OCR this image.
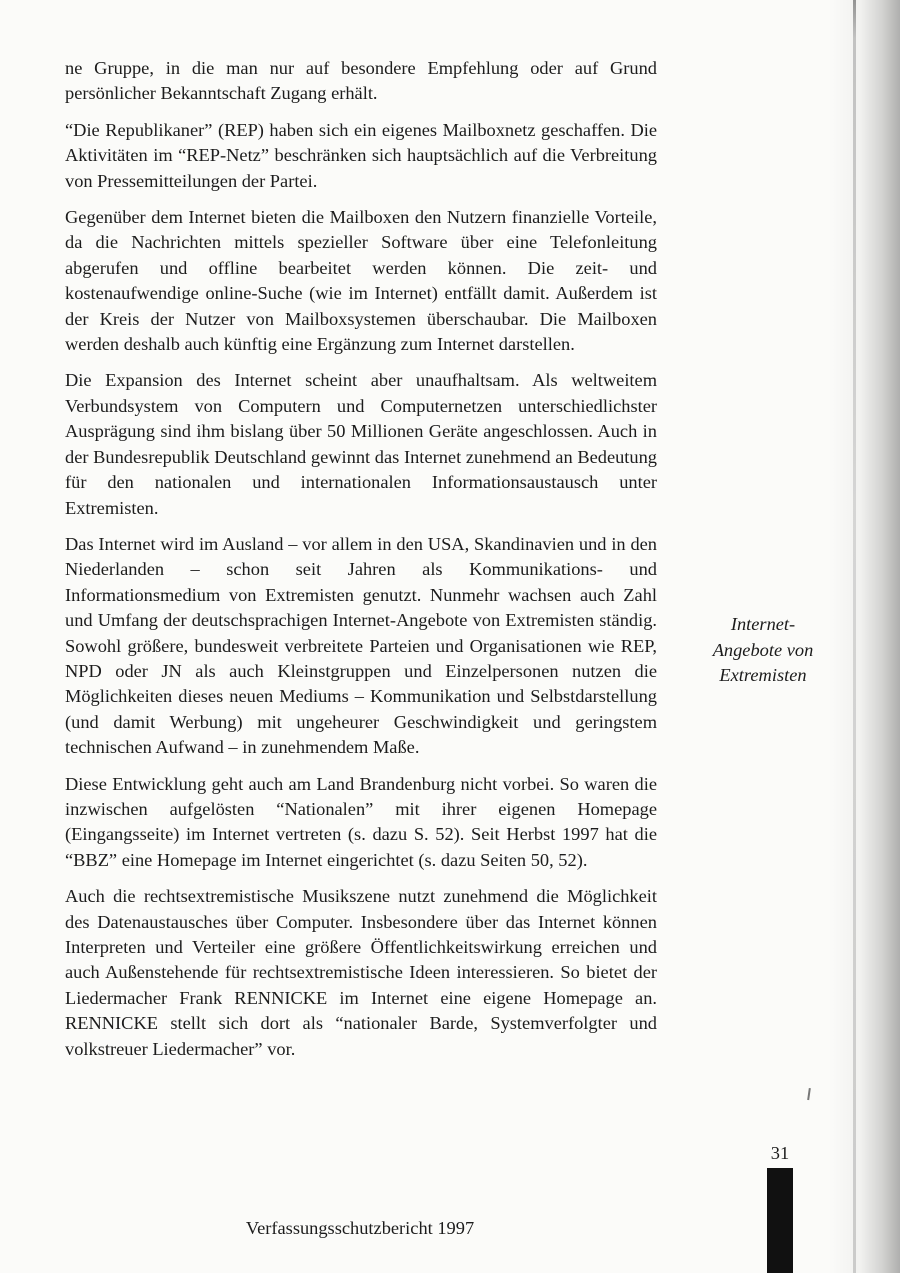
ne Gruppe, in die man nur auf besondere Empfehlung oder auf Grund persönlicher Bekanntschaft Zugang erhält.

“Die Republikaner” (REP) haben sich ein eigenes Mailboxnetz geschaffen. Die Aktivitäten im “REP-Netz” beschränken sich hauptsächlich auf die Verbreitung von Pressemitteilungen der Partei.

Gegenüber dem Internet bieten die Mailboxen den Nutzern finanzielle Vorteile, da die Nachrichten mittels spezieller Software über eine Telefonleitung abgerufen und offline bearbeitet werden können. Die zeit- und kostenaufwendige online-Suche (wie im Internet) entfällt damit. Außerdem ist der Kreis der Nutzer von Mailboxsystemen überschaubar. Die Mailboxen werden deshalb auch künftig eine Ergänzung zum Internet darstellen.

Die Expansion des Internet scheint aber unaufhaltsam. Als weltweitem Verbundsystem von Computern und Computernetzen unterschiedlichster Ausprägung sind ihm bislang über 50 Millionen Geräte angeschlossen. Auch in der Bundesrepublik Deutschland gewinnt das Internet zunehmend an Bedeutung für den nationalen und internationalen Informationsaustausch unter Extremisten.

Das Internet wird im Ausland – vor allem in den USA, Skandinavien und in den Niederlanden – schon seit Jahren als Kommunikations- und Informationsmedium von Extremisten genutzt. Nunmehr wachsen auch Zahl und Umfang der deutschsprachigen Internet-Angebote von Extremisten ständig. Sowohl größere, bundesweit verbreitete Parteien und Organisationen wie REP, NPD oder JN als auch Kleinstgruppen und Einzelpersonen nutzen die Möglichkeiten dieses neuen Mediums – Kommunikation und Selbstdarstellung (und damit Werbung) mit ungeheurer Geschwindigkeit und geringstem technischen Aufwand – in zunehmendem Maße.

Diese Entwicklung geht auch am Land Brandenburg nicht vorbei. So waren die inzwischen aufgelösten “Nationalen” mit ihrer eigenen Homepage (Eingangsseite) im Internet vertreten (s. dazu S. 52). Seit Herbst 1997 hat die “BBZ” eine Homepage im Internet eingerichtet (s. dazu Seiten 50, 52).

Auch die rechtsextremistische Musikszene nutzt zunehmend die Möglichkeit des Datenaustausches über Computer. Insbesondere über das Internet können Interpreten und Verteiler eine größere Öffentlichkeitswirkung erreichen und auch Außenstehende für rechtsextremistische Ideen interessieren. So bietet der Liedermacher Frank RENNICKE im Internet eine eigene Homepage an. RENNICKE stellt sich dort als “nationaler Barde, Systemverfolgter und volkstreuer Liedermacher” vor.

Internet-
Angebote von
Extremisten
31
Verfassungsschutzbericht 1997
